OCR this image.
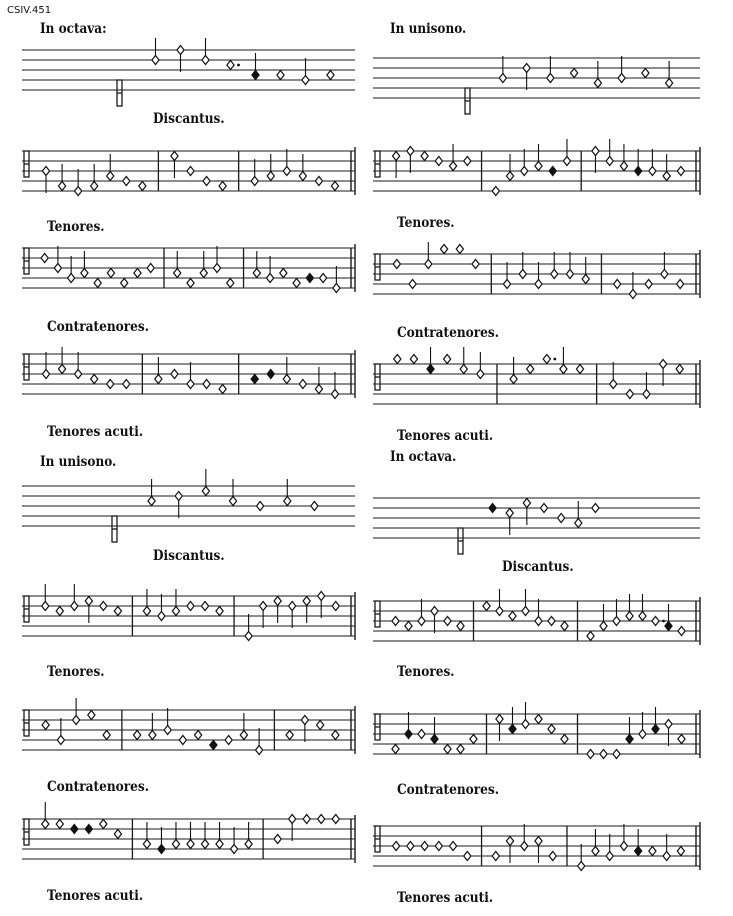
CSIV.451
In octava:	In unisono.
In unisono.	In octava.
Discantus.
Tenores.
Contratenores.
Tenores acuti.
Tenores.
Contratenores.
Tenores acuti.
Discantus.
Tenores.
Contratenores.
Tenores acuti.
Discantus.
Tenores.
Contratenores.
Tenores acuti.
